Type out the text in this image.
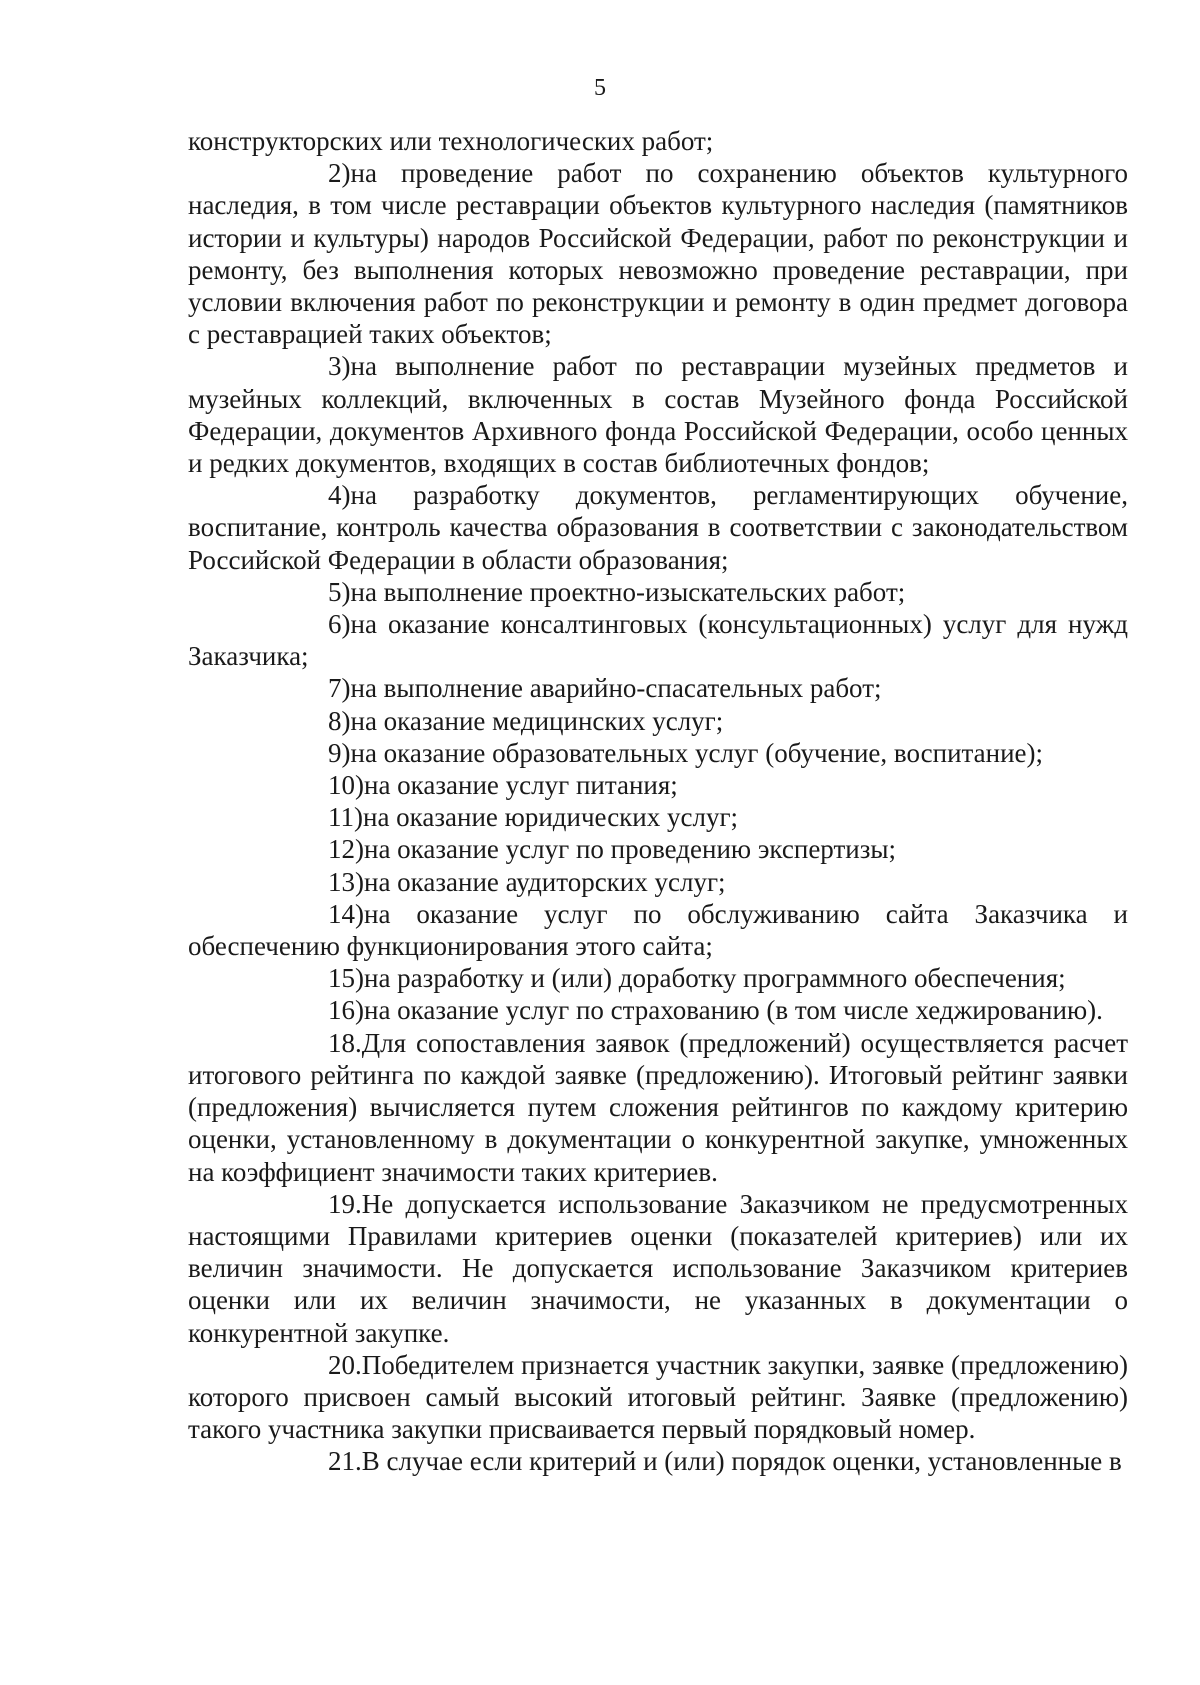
5

конструкторских или технологических работ;

2)на проведение работ по сохранению объектов культурного наследия, в том числе реставрации объектов культурного наследия (памятников истории и культуры) народов Российской Федерации, работ по реконструкции и ремонту, без выполнения которых невозможно проведение реставрации, при условии включения работ по реконструкции и ремонту в один предмет договора с реставрацией таких объектов;

3)на выполнение работ по реставрации музейных предметов и музейных коллекций, включенных в состав Музейного фонда Российской Федерации, документов Архивного фонда Российской Федерации, особо ценных и редких документов, входящих в состав библиотечных фондов;

4)на разработку документов, регламентирующих обучение, воспитание, контроль качества образования в соответствии с законодательством Российской Федерации в области образования;

5)на выполнение проектно-изыскательских работ;

6)на оказание консалтинговых (консультационных) услуг для нужд Заказчика;

7)на выполнение аварийно-спасательных работ;

8)на оказание медицинских услуг;

9)на оказание образовательных услуг (обучение, воспитание);

10)на оказание услуг питания;

11)на оказание юридических услуг;

12)на оказание услуг по проведению экспертизы;

13)на оказание аудиторских услуг;

14)на оказание услуг по обслуживанию сайта Заказчика и обеспечению функционирования этого сайта;

15)на разработку и (или) доработку программного обеспечения;

16)на оказание услуг по страхованию (в том числе хеджированию).

18.Для сопоставления заявок (предложений) осуществляется расчет итогового рейтинга по каждой заявке (предложению). Итоговый рейтинг заявки (предложения) вычисляется путем сложения рейтингов по каждому критерию оценки, установленному в документации о конкурентной закупке, умноженных на коэффициент значимости таких критериев.

19.Не допускается использование Заказчиком не предусмотренных настоящими Правилами критериев оценки (показателей критериев) или их величин значимости. Не допускается использование Заказчиком критериев оценки или их величин значимости, не указанных в документации о конкурентной закупке.

20.Победителем признается участник закупки, заявке (предложению) которого присвоен самый высокий итоговый рейтинг. Заявке (предложению) такого участника закупки присваивается первый порядковый номер.

21.В случае если критерий и (или) порядок оценки, установленные в
